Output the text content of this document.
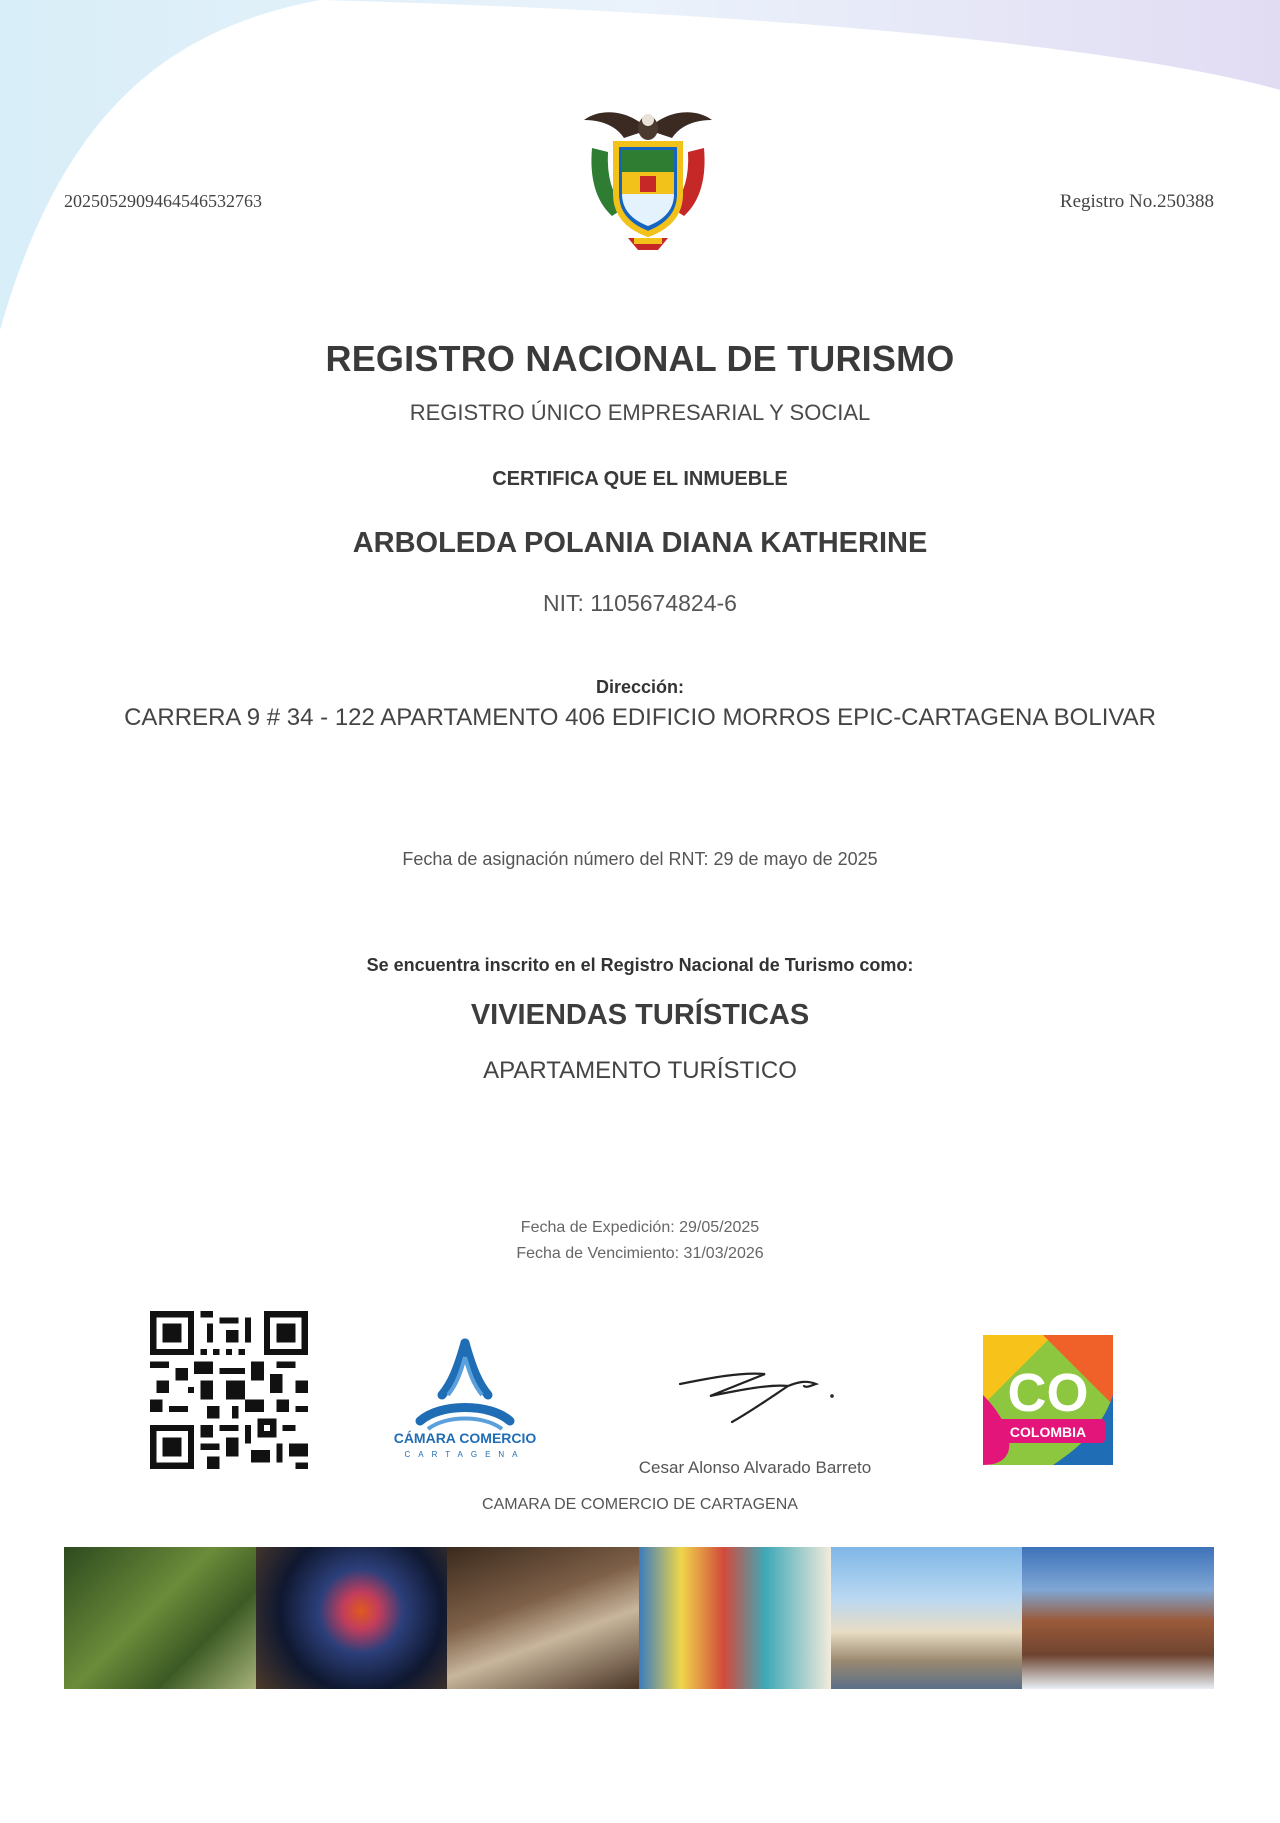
20250529094645465327​63	Registro No.250388
REGISTRO NACIONAL DE TURISMO
REGISTRO ÚNICO EMPRESARIAL Y SOCIAL
CERTIFICA QUE EL INMUEBLE
ARBOLEDA POLANIA DIANA KATHERINE
NIT: 1105674824-6
Dirección:
CARRERA 9 # 34 - 122 APARTAMENTO 406 EDIFICIO MORROS EPIC-CARTAGENA BOLIVAR
Fecha de asignación número del RNT: 29 de mayo de 2025
Se encuentra inscrito en el Registro Nacional de Turismo como:
VIVIENDAS TURÍSTICAS
APARTAMENTO TURÍSTICO
Fecha de Expedición: 29/05/2025
Fecha de Vencimiento: 31/03/2026
CÁMARA COMERCIO
CARTAGENA
Cesar Alonso Alvarado Barreto
CAMARA DE COMERCIO DE CARTAGENA
CO
COLOMBIA
